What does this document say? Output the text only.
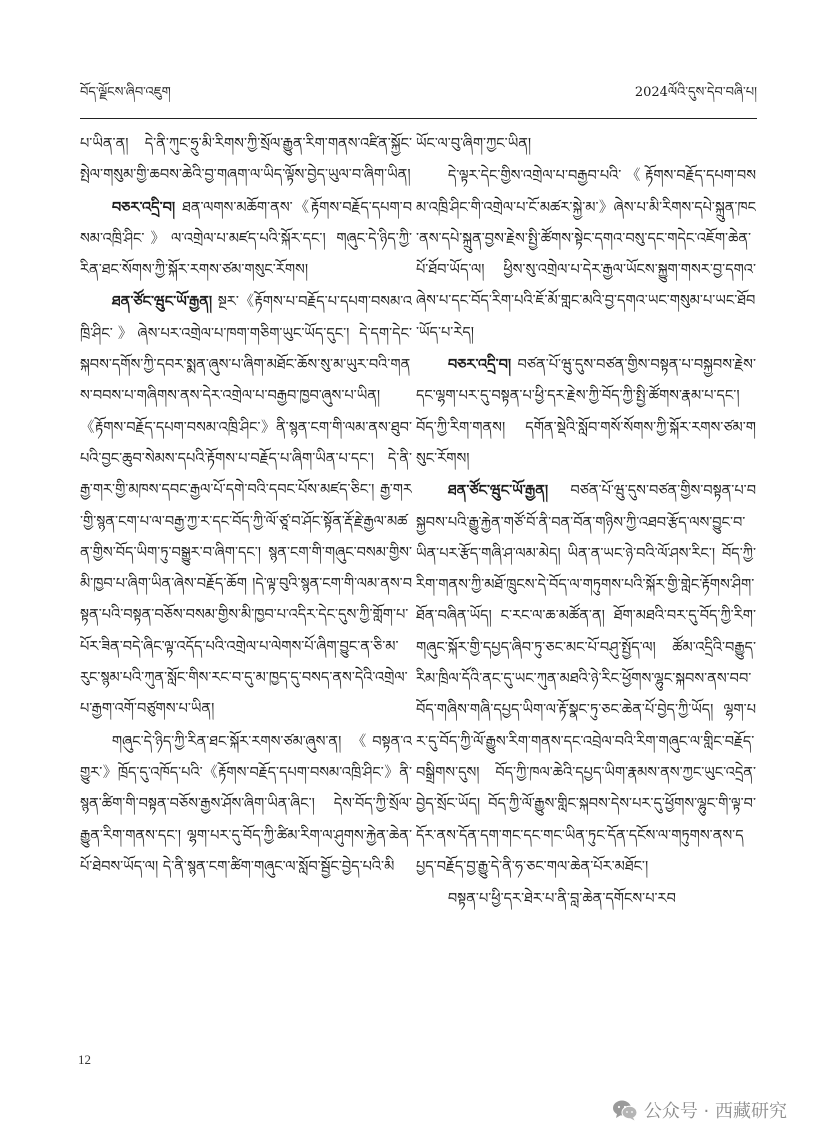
བོད་ལྗོངས་ཞིབ་འཇུག	2024ལོའི་དུས་དེབ་བཞི་པ།

པ་ཡིན་ན། དེ་ནི་ཀུང་ཧྲུ་མི་རིགས་ཀྱི་སྲོལ་རྒྱུན་རིག་གནས་འཛིན་སྐྱོང་སྤེལ་གསུམ་གྱི་ཆབས་ཆེའི་བྱ་གཞག་ལ་ཡིད་ལྟོས་བྱེད་ཡུལ་བ་ཞིག་ཡིན།

བཅར་འདྲི་བ། ཐན་ལགས་མཆོག་ནས་《རྟོགས་བརྗོད་དཔག་བསམ་འཁྲི་ཤིང་》ལ་འགྲེལ་པ་མཛད་པའི་སྐོར་དང་། གཞུང་དེ་ཉིད་ཀྱི་རིན་ཐང་སོགས་ཀྱི་སྐོར་རགས་ཙམ་གསུང་རོགས།

ཐན་ཙོང་ཝུང་ཡོ་རྒྱན། སྔར་《རྟོགས་པ་བརྗོད་པ་དཔག་བསམ་འཁྲི་ཤིང་》ཞེས་པར་འགྲེལ་པ་ཁག་གཅིག་ཡུང་ཡོད་དུང་། དེ་དག་དེང་སྐབས་དགོས་ཀྱི་དབར་སྨན་ཞུས་པ་ཞིག་མཐོང་ཆོས་སུ་མ་ཡུར་བའི་གནས་བབས་པ་གཞིགས་ནས་དེར་འགྲེལ་པ་བརྒྱབ་ཁྱབ་ཞུས་པ་ཡིན། 《རྟོགས་བརྗོད་དཔག་བསམ་འཁྲི་ཤིང་》ནི་སྙན་ངག་གི་ལམ་ནས་ཐུབ་པའི་བྱང་ཆུབ་སེམས་དཔའི་རྟོགས་པ་བརྗོད་པ་ཞིག་ཡིན་པ་དང་། དེ་ནི་རྒྱ་གར་གྱི་མཁས་དབང་རྒྱལ་པོ་དགེ་བའི་དབང་པོས་མཛད་ཅིང་། རྒྱ་གར་གྱི་སྙན་ངག་པ་ལ་བརྒྱ་ཀྱ་ར་དང་བོད་ཀྱི་ལོ་ཙཱ་བ་ཤོང་སྟོན་རྡོ་རྗེ་རྒྱལ་མཚན་གྱིས་བོད་ཡིག་ཏུ་བསྒྱུར་བ་ཞིག་དང་། སྙན་ངག་གི་གཞུང་བསམ་གྱིས་མི་ཁྱབ་པ་ཞིག་ཡིན་ཞེས་བརྗོད་ཆོག །དེ་ལྟ་བུའི་སྙན་ངག་གི་ལམ་ནས་བསྟན་པའི་བསྟན་བཅོས་བསམ་གྱིས་མི་ཁྱབ་པ་འདིར་དེང་དུས་ཀྱི་གློག་པ་པོར་ཟིན་བདེ་ཞིང་ལྟ་འདོད་པའི་འགྲེལ་པ་ལེགས་པོ་ཞིག་བྱུང་ན་ཅི་མ་རུང་སྙམ་པའི་ཀུན་སློང་གིས་རང་བ་དུ་མ་ཁྱད་དུ་བསད་ནས་དེའི་འགྲེལ་པ་རྒྱག་འགོ་བཙུགས་པ་ཡིན།

གཞུང་དེ་ཉིད་ཀྱི་རིན་ཐང་སྐོར་རགས་ཙམ་ཞུས་ན། 《བསྟན་འགྱུར་》ཁྲོད་དུ་འཁོད་པའི་《རྟོགས་བརྗོད་དཔག་བསམ་འཁྲི་ཤིང་》ནི་སྙན་ཚིག་གི་བསྟན་བཅོས་རྒྱས་ཤོས་ཞིག་ཡིན་ཞིང་། དེས་བོད་ཀྱི་སྲོལ་རྒྱུན་རིག་གནས་དང་། ལྷག་པར་དུ་བོད་ཀྱི་ཚིམ་རིག་ལ་ཤུགས་རྐྱེན་ཆེན་པོ་ཐེབས་ཡོད་ལ། དེ་ནི་སྙན་ངག་ཚིག་གཞུང་ལ་སློབ་སྦྱོང་བྱེད་པའི་མི

ཡོང་ལ་བུ་ཞིག་ཀྱང་ཡིན།

དེ་ལྟར་དེང་གྱིས་འགྲེལ་པ་བརྒྱབ་པའི་《རྟོགས་བརྗོད་དཔག་བསམ་འཁྲི་ཤིང་གི་འགྲེལ་པ་ངོ་མཚར་སྐྱེ་མ་》ཞེས་པ་མི་རིགས་དཔེ་སྐྲུན་ཁང་ནས་དཔེ་སྐྲུན་བྱས་རྗེས་སྤྱི་ཚོགས་སྟེང་དགའ་བསུ་དང་གདེང་འཇོག་ཆེན་པོ་ཐོབ་ཡོད་ལ། ཕྱིས་སུ་འགྲེལ་པ་དེར་རྒྱལ་ཡོངས་སྐྱུག་གསར་བྱ་དགའ་ཞེས་པ་དང་བོད་རིག་པའི་ཇོ་མོ་གླང་མའི་བྱ་དགའ་ཡང་གསུམ་པ་ཡང་ཐོབ་ཡོད་པ་རེད།

བཅར་འདྲི་བ། བཙན་པོ་ཝུ་དུས་བཙན་གྱིས་བསྟན་པ་བསྐྱབས་རྗེས་དང་ལྷག་པར་དུ་བསྟན་པ་ཕྱི་དར་རྗེས་ཀྱི་བོད་ཀྱི་སྤྱི་ཚོགས་རྣམ་པ་དང་། བོད་ཀྱི་རིག་གནས། དགོན་སྡེའི་སློབ་གསོ་སོགས་ཀྱི་སྐོར་རགས་ཙམ་གསུང་རོགས།

ཐན་ཙོང་ཝུང་ཡོ་རྒྱན། བཙན་པོ་ཝུ་དུས་བཙན་གྱིས་བསྟན་པ་བསྐྱབས་པའི་རྒྱུ་རྐྱེན་གཙོ་བོ་ནི་བན་བོན་གཉིས་ཀྱི་འཐབ་རྩོད་ལས་བྱུང་བ་ཡིན་པར་རྩོད་གཞི་ཤ་ལམ་མེད། ཡིན་ན་ཡང་ཉེ་བའི་ལོ་ཤས་རིང་། བོད་ཀྱི་རིག་གནས་ཀྱི་མཐོ་ཁྲུངས་དེ་བོད་ལ་གཏུགས་པའི་སྐོར་གྱི་གླེང་རྟོགས་ཤིག་ཐོན་བཞིན་ཡོད། ང་རང་ལ་ཆ་མཚོན་ན། ཐོག་མཐའི་བར་དུ་བོད་ཀྱི་རིག་གཞུང་སྐོར་གྱི་དཔྱད་ཞིབ་ཏུ་ཅང་མང་པོ་བཤུ་སྤྱོད་ལ། ཚོམ་འདྲིའི་བརྒྱུད་རིམ་ཁྲིལ་དོའི་ནང་དུ་ཡང་ཀུན་མཐའི་ཉེ་རིང་ཕྱོགས་ལྷུང་སྐབས་ནས་བབ་བོད་གཞིས་གཞི་དཔྱད་ཡིག་ལ་རྟོ་སྣང་ཏུ་ཅང་ཆེན་པོ་བྱེད་ཀྱི་ཡོད། ལྷག་པར་དུ་བོད་ཀྱི་ལོ་རྒྱུས་རིག་གནས་དང་འབྲེལ་བའི་རིག་གཞུང་ལ་གླིང་བརྗོད་བསྒྲིགས་དུས། བོད་ཀྱི་ཁལ་ཆེའི་དཔྱད་ཡིག་རྣམས་ནས་ཀྱང་ཡུང་འདྲེན་བྱེད་སྲོང་ཡོད། བོད་ཀྱི་ལོ་རྒྱུས་གླིང་སྐབས་དེས་པར་དུ་ཕྱོགས་ལྷུང་གི་ལྟ་བ་དོར་ནས་དོན་དག་གང་དང་གང་ཡིན་ཏུང་དོན་དངོས་ལ་གཏུགས་ནས་དཔྱད་བརྗོད་བྱ་རྒྱུ་དེ་ནི་ཧ་ཅང་གལ་ཆེན་པོར་མཐོང་།

བསྟན་པ་ཕྱི་དར་ཐེར་པ་ནི་བླ་ཆེན་དགོངས་པ་རབ

12
公众号 · 西藏研究
